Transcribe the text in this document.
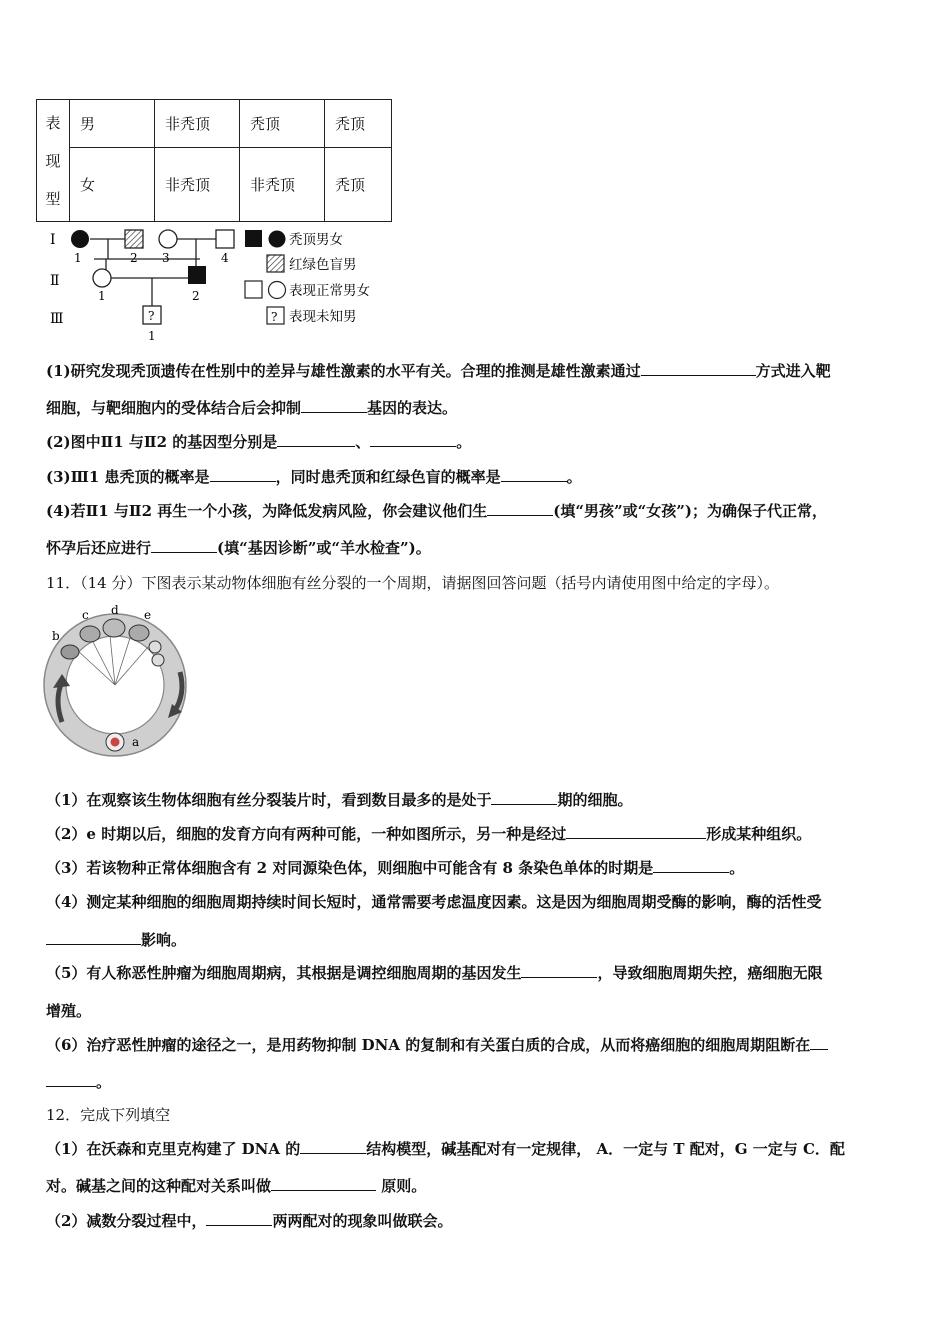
表现型	男	非秃顶	秃顶	秃顶
	女	非秃顶	非秃顶	秃顶
Ⅰ
Ⅱ
Ⅲ
1	2 3	4
1	2
?
1
秃顶男女
红绿色盲男
表现正常男女
? 表现未知男
(1)研究发现秃顶遗传在性别中的差异与雄性激素的水平有关。合理的推测是雄性激素通过	方式进入靶
细胞，与靶细胞内的受体结合后会抑制	基因的表达。
(2)图中Ⅱ1 与Ⅱ2 的基因型分别是	、	。
(3)Ⅲ1 患秃顶的概率是	，同时患秃顶和红绿色盲的概率是	。
(4)若Ⅱ1 与Ⅱ2 再生一个小孩，为降低发病风险，你会建议他们生	(填“男孩”或“女孩”)；为确保子代正常，
怀孕后还应进行	(填“基因诊断”或“羊水检查”)。
11．（14 分）下图表示某动物体细胞有丝分裂的一个周期，请据图回答问题（括号内请使用图中给定的字母）。
a
b
c d e
（1）在观察该生物体细胞有丝分裂装片时，看到数目最多的是处于	期的细胞。
（2）e 时期以后，细胞的发育方向有两种可能，一种如图所示，另一种是经过	形成某种组织。
（3）若该物种正常体细胞含有 2 对同源染色体，则细胞中可能含有 8 条染色单体的时期是	。
（4）测定某种细胞的细胞周期持续时间长短时，通常需要考虑温度因素。这是因为细胞周期受酶的影响，酶的活性受
影响。
（5）有人称恶性肿瘤为细胞周期病，其根据是调控细胞周期的基因发生	，导致细胞周期失控，癌细胞无限
增殖。
（6）治疗恶性肿瘤的途径之一，是用药物抑制 DNA 的复制和有关蛋白质的合成，从而将癌细胞的细胞周期阻断在
。
12．完成下列填空
（1）在沃森和克里克构建了 DNA 的	结构模型，碱基配对有一定规律， A．一定与 T 配对，G 一定与 C．配
对。碱基之间的这种配对关系叫做	原则。
（2）减数分裂过程中，	两两配对的现象叫做联会。
